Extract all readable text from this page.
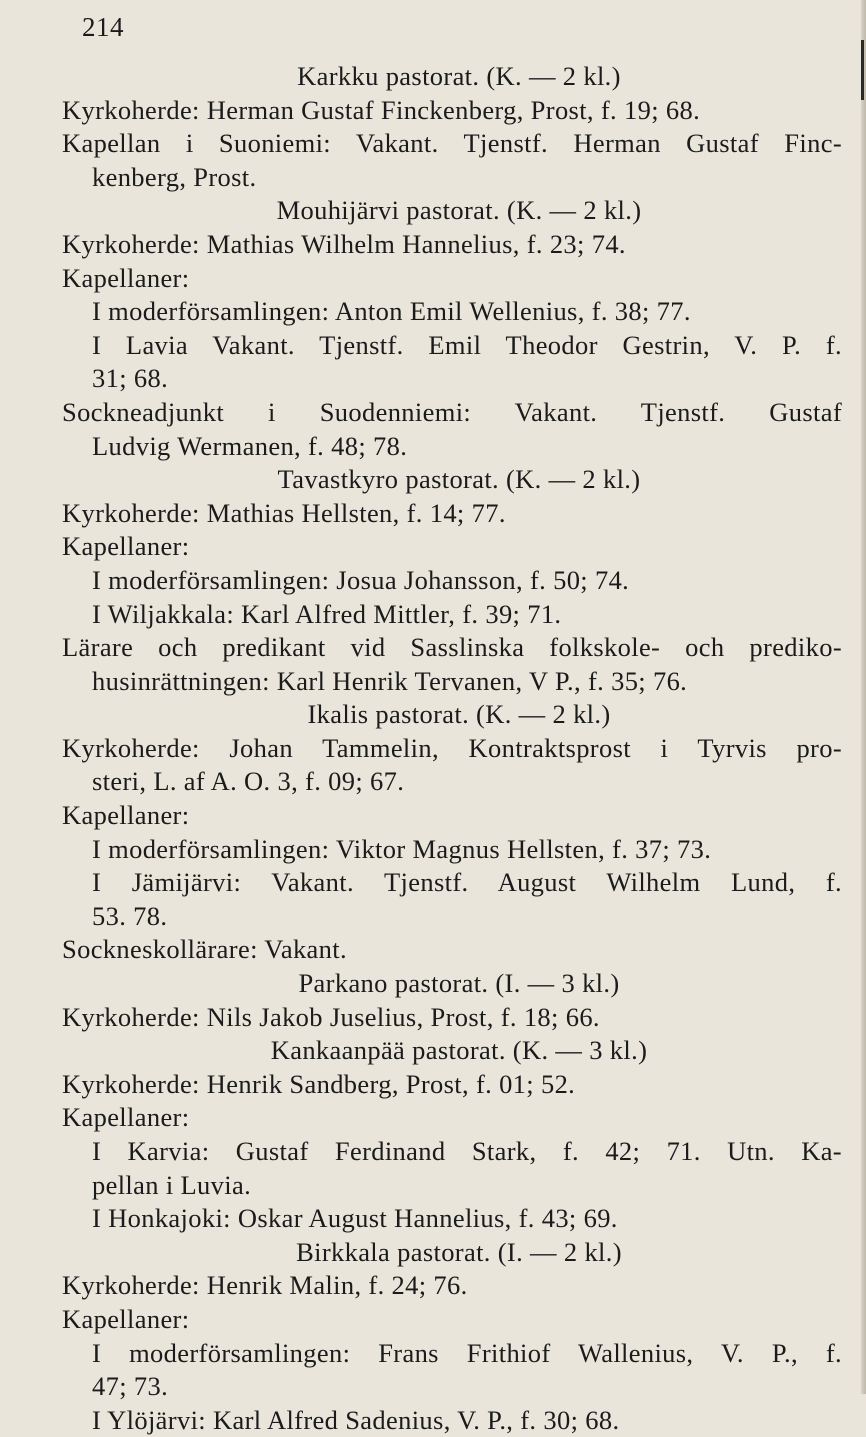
214
Karkku pastorat. (K. — 2 kl.)
Kyrkoherde: Herman Gustaf Finckenberg, Prost, f. 19; 68.
Kapellan i Suoniemi: Vakant. Tjenstf. Herman Gustaf Finc-
kenberg, Prost.
Mouhijärvi pastorat. (K. — 2 kl.)
Kyrkoherde: Mathias Wilhelm Hannelius, f. 23; 74.
Kapellaner:
I moderförsamlingen: Anton Emil Wellenius, f. 38; 77.
I Lavia Vakant. Tjenstf. Emil Theodor Gestrin, V. P. f.
31; 68.
Sockneadjunkt i Suodenniemi: Vakant. Tjenstf. Gustaf
Ludvig Wermanen, f. 48; 78.
Tavastkyro pastorat. (K. — 2 kl.)
Kyrkoherde: Mathias Hellsten, f. 14; 77.
Kapellaner:
I moderförsamlingen: Josua Johansson, f. 50; 74.
I Wiljakkala: Karl Alfred Mittler, f. 39; 71.
Lärare och predikant vid Sasslinska folkskole- och prediko-
husinrättningen: Karl Henrik Tervanen, V P., f. 35; 76.
Ikalis pastorat. (K. — 2 kl.)
Kyrkoherde: Johan Tammelin, Kontraktsprost i Tyrvis pro-
steri, L. af A. O. 3, f. 09; 67.
Kapellaner:
I moderförsamlingen: Viktor Magnus Hellsten, f. 37; 73.
I Jämijärvi: Vakant. Tjenstf. August Wilhelm Lund, f.
53. 78.
Sockneskollärare: Vakant.
Parkano pastorat. (I. — 3 kl.)
Kyrkoherde: Nils Jakob Juselius, Prost, f. 18; 66.
Kankaanpää pastorat. (K. — 3 kl.)
Kyrkoherde: Henrik Sandberg, Prost, f. 01; 52.
Kapellaner:
I Karvia: Gustaf Ferdinand Stark, f. 42; 71. Utn. Ka-
pellan i Luvia.
I Honkajoki: Oskar August Hannelius, f. 43; 69.
Birkkala pastorat. (I. — 2 kl.)
Kyrkoherde: Henrik Malin, f. 24; 76.
Kapellaner:
I moderförsamlingen: Frans Frithiof Wallenius, V. P., f.
47; 73.
I Ylöjärvi: Karl Alfred Sadenius, V. P., f. 30; 68.
